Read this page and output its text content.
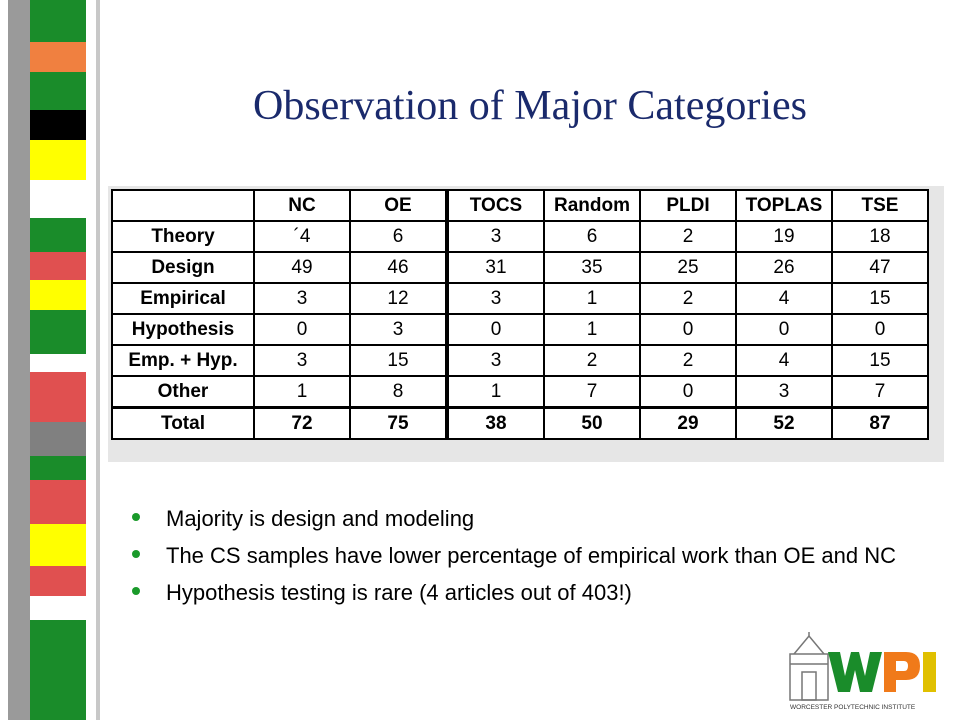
Observation of Major Categories
	NC	OE	TOCS	Random	PLDI	TOPLAS	TSE
Theory	´4	6	3	6	2	19	18
Design	49	46	31	35	25	26	47
Empirical	3	12	3	1	2	4	15
Hypothesis	0	3	0	1	0	0	0
Emp. + Hyp.	3	15	3	2	2	4	15
Other	1	8	1	7	0	3	7
Total	72	75	38	50	29	52	87
Majority is design and modeling
The CS samples have lower percentage of empirical work than OE and NC
Hypothesis testing is rare (4 articles out of 403!)
WORCESTER POLYTECHNIC INSTITUTE
